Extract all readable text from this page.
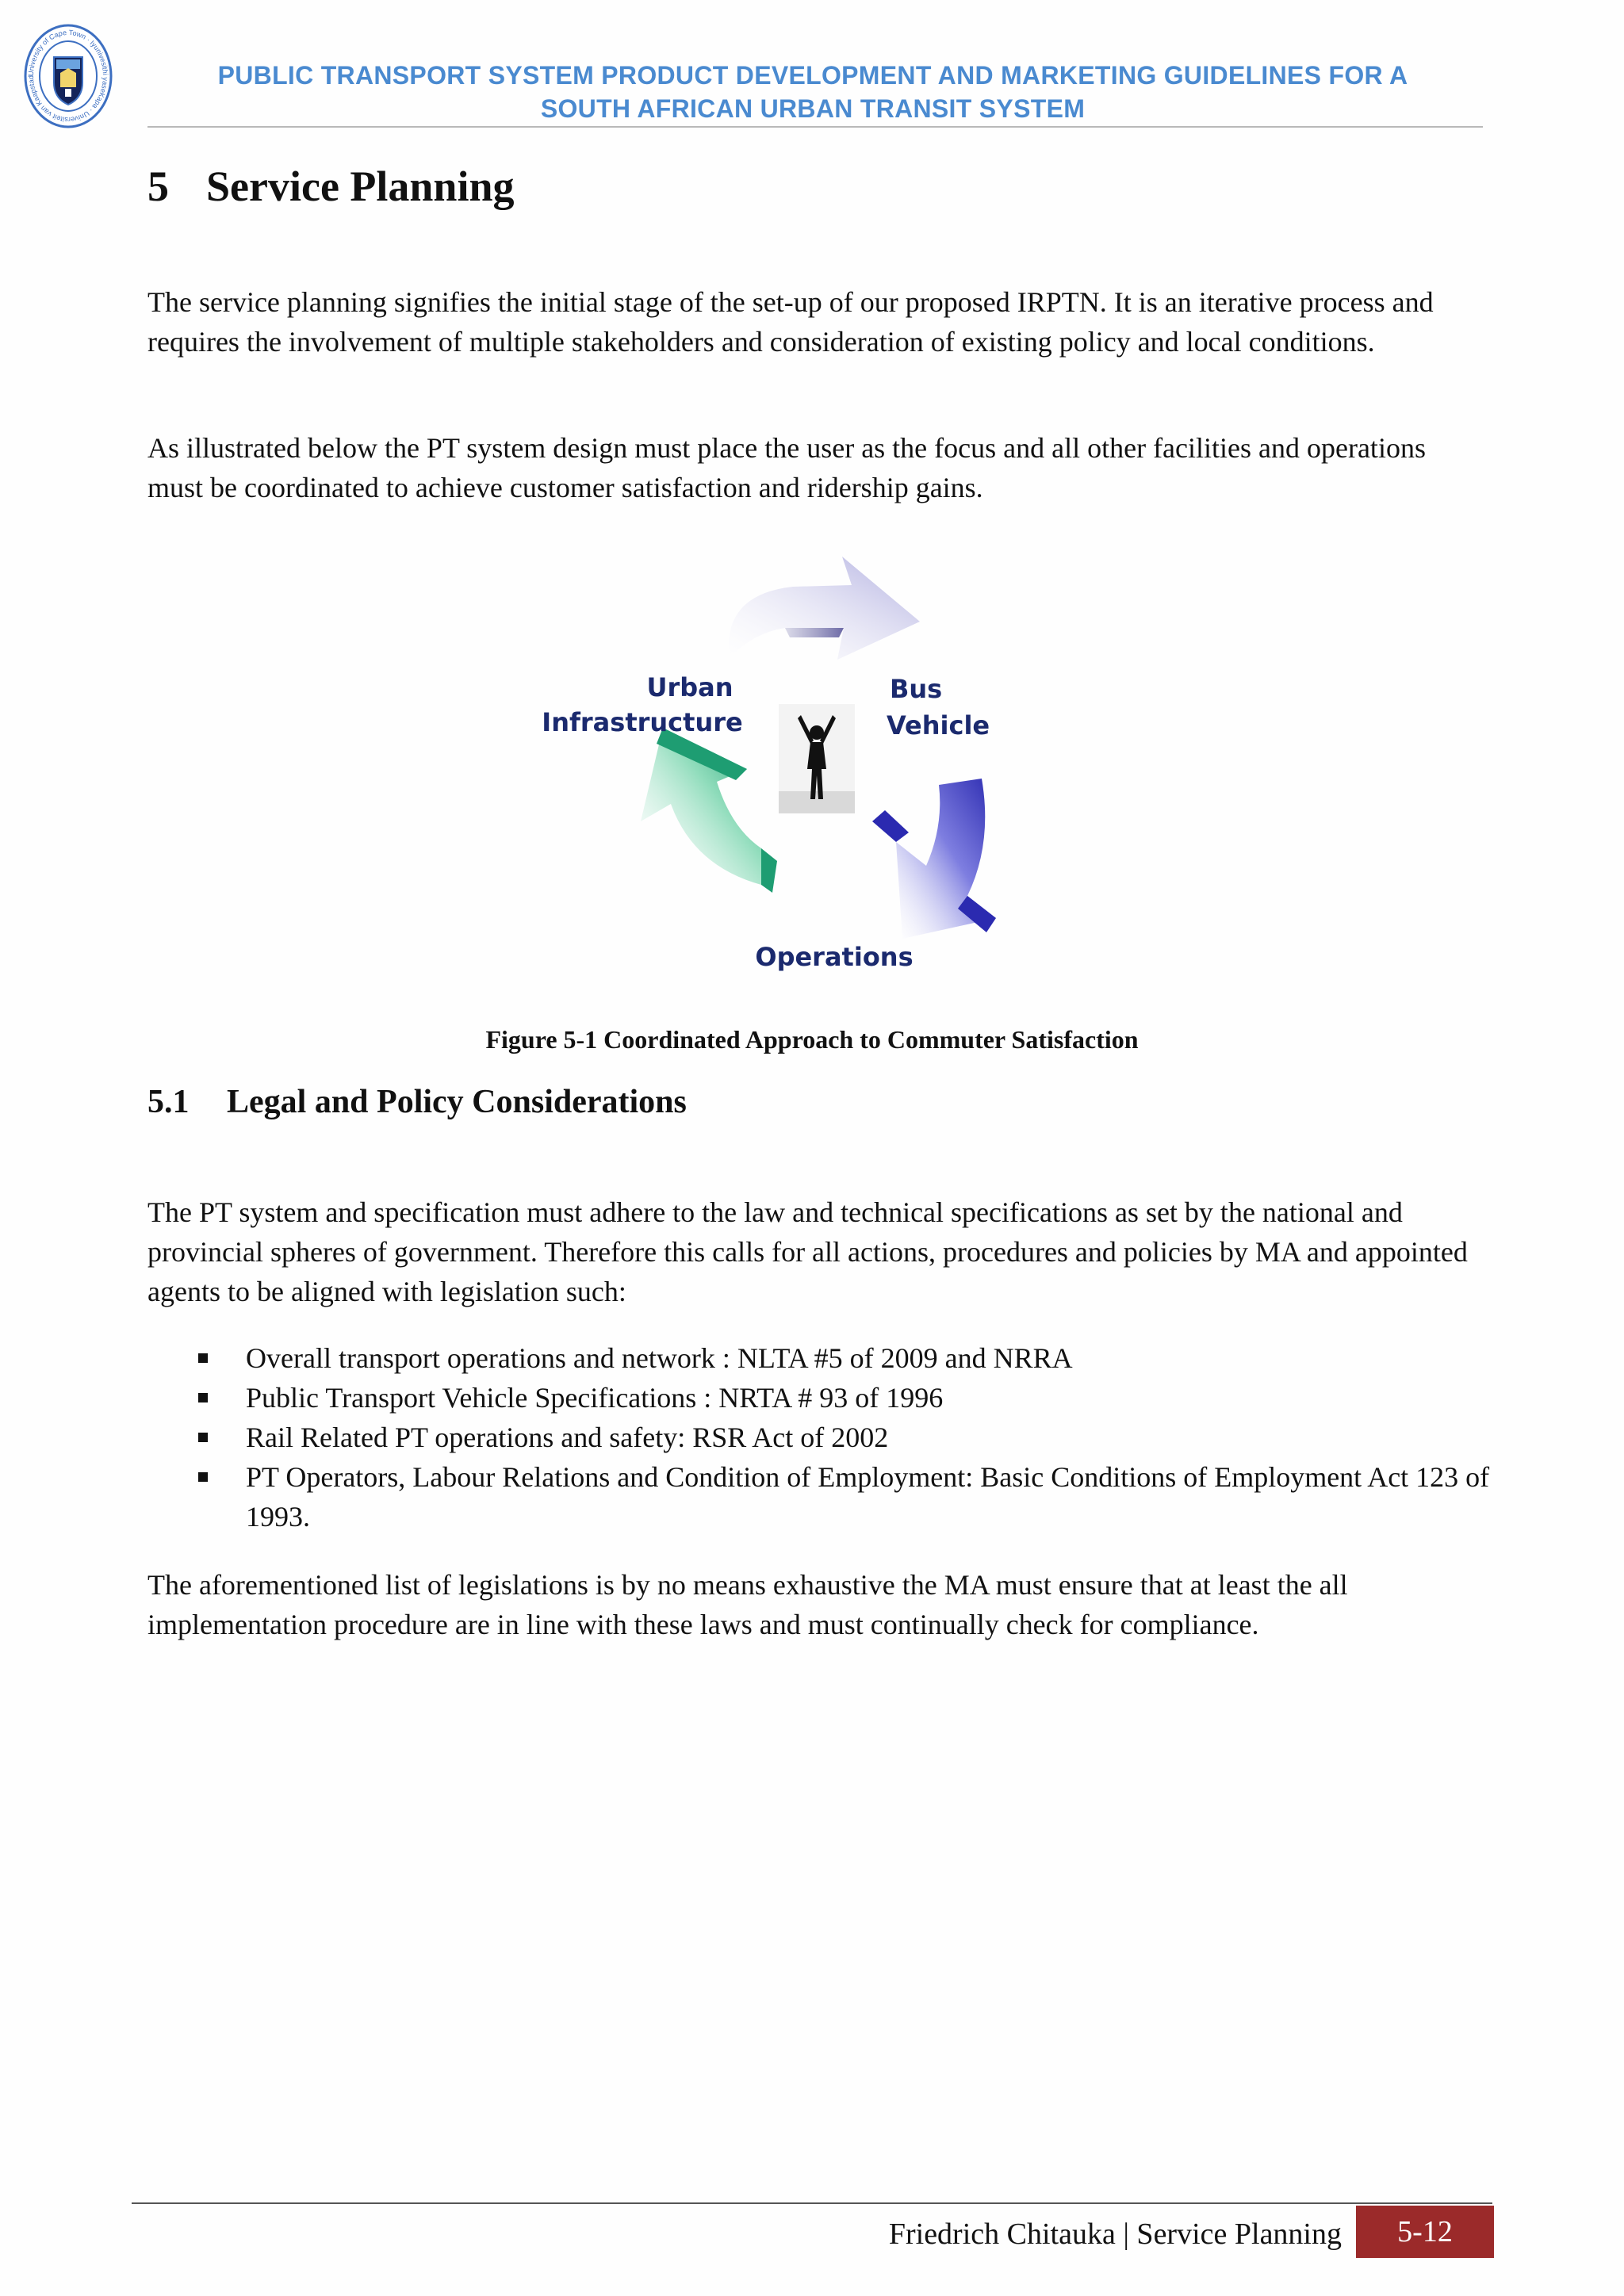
University of Cape Town · Iyunivesithi yaseKapa · Universiteit van Kaapstad	PUBLIC TRANSPORT SYSTEM PRODUCT DEVELOPMENT AND MARKETING GUIDELINES FOR A
SOUTH AFRICAN URBAN TRANSIT SYSTEM
5 Service Planning

The service planning signifies the initial stage of the set-up of our proposed IRPTN. It is an iterative process and requires the involvement of multiple stakeholders and consideration of existing policy and local conditions.

As illustrated below the PT system design must place the user as the focus and all other facilities and operations must be coordinated to achieve customer satisfaction and ridership gains.

Urban
Infrastructure
Bus
Vehicle
Operations
Figure 5-1 Coordinated Approach to Commuter Satisfaction
5.1 Legal and Policy Considerations

The PT system and specification must adhere to the law and technical specifications as set by the national and provincial spheres of government. Therefore this calls for all actions, procedures and policies by MA and appointed agents to be aligned with legislation such:

Overall transport operations and network : NLTA #5 of 2009 and NRRA
Public Transport Vehicle Specifications : NRTA # 93 of 1996
Rail Related PT operations and safety: RSR Act of 2002
PT Operators, Labour Relations and Condition of Employment: Basic Conditions of Employment Act 123 of 1993.

The aforementioned list of legislations is by no means exhaustive the MA must ensure that at least the all implementation procedure are in line with these laws and must continually check for compliance.

Friedrich Chitauka | Service Planning	5-12
